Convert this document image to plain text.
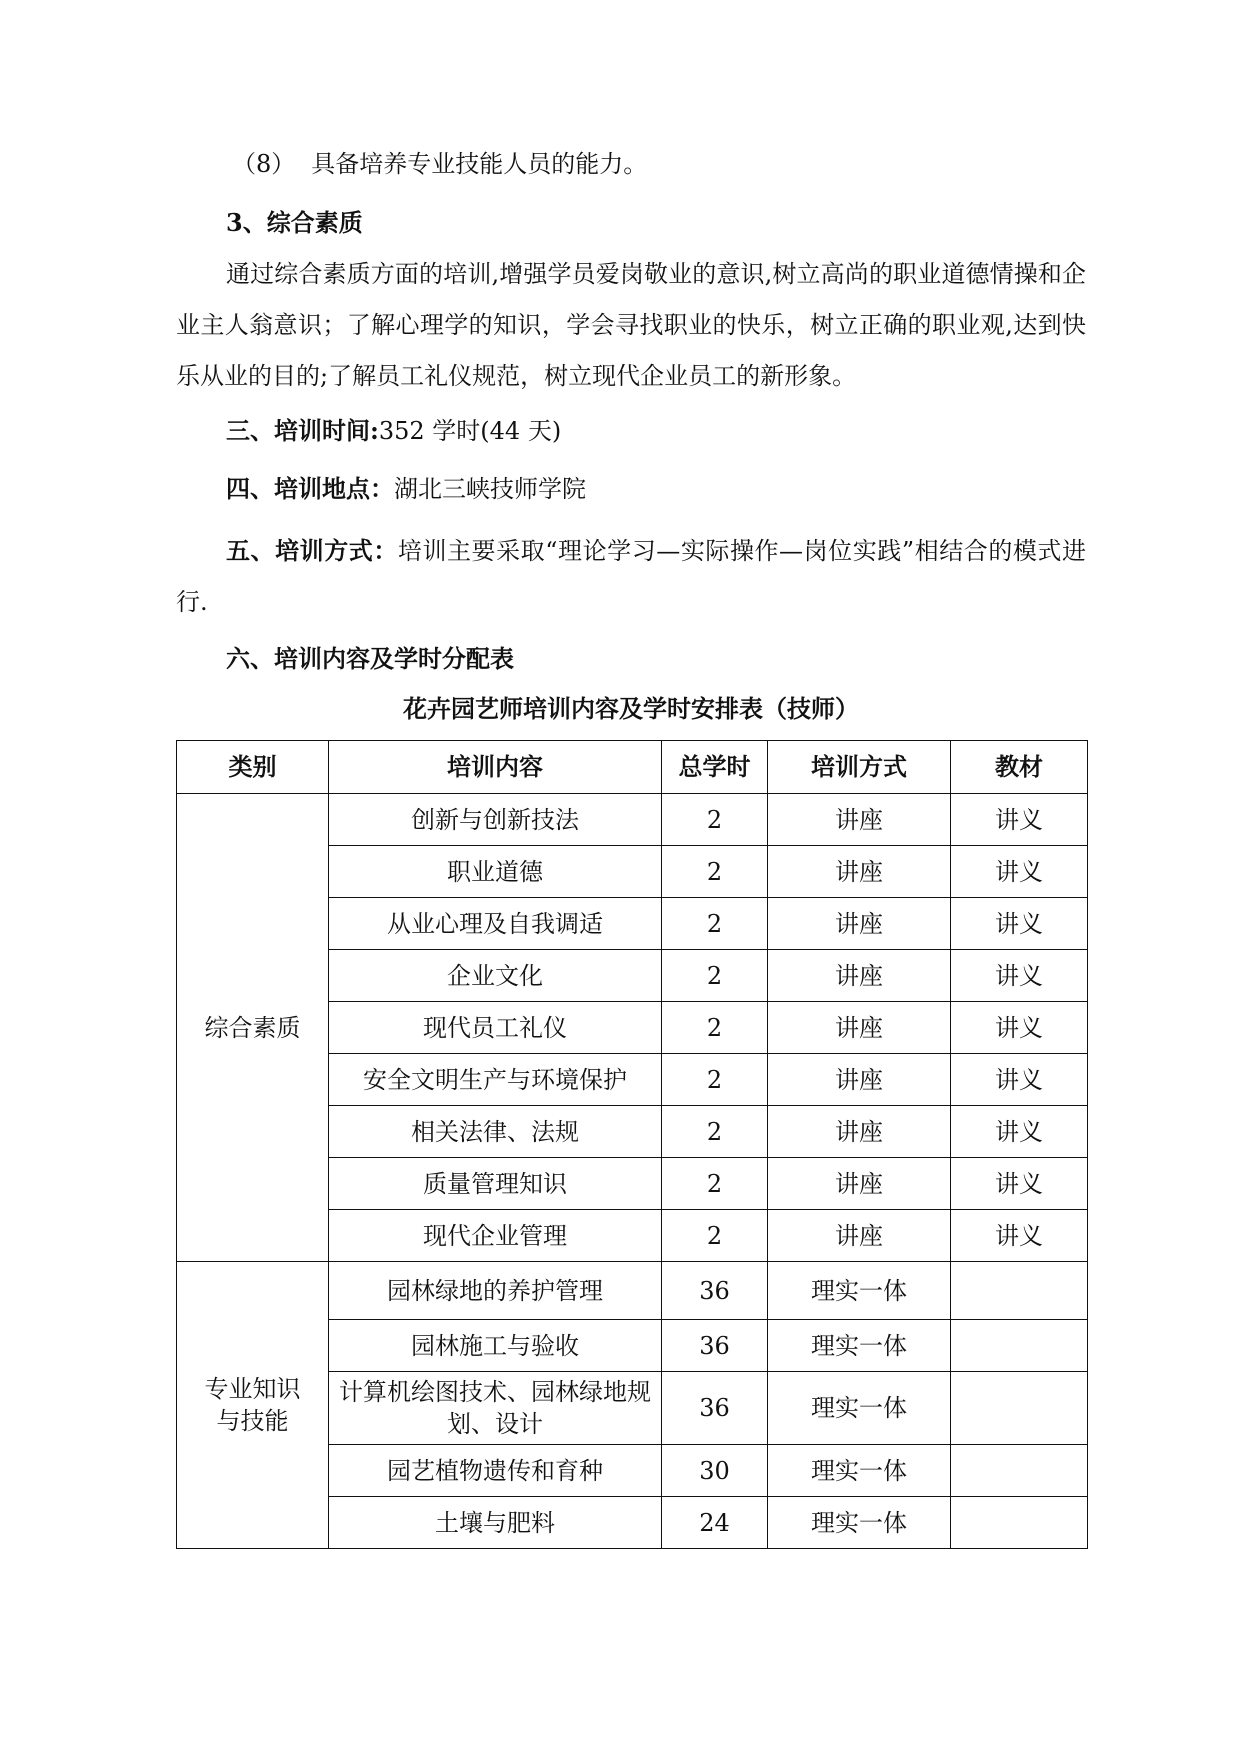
（8） 具备培养专业技能人员的能力。
3、综合素质
通过综合素质方面的培训,增强学员爱岗敬业的意识,树立高尚的职业道德情操和企业主人翁意识；了解心理学的知识，学会寻找职业的快乐，树立正确的职业观,达到快乐从业的目的;了解员工礼仪规范，树立现代企业员工的新形象。
三、培训时间:352 学时(44 天)
四、培训地点：湖北三峡技师学院
五、培训方式：培训主要采取“理论学习—实际操作—岗位实践”相结合的模式进行.
六、培训内容及学时分配表
花卉园艺师培训内容及学时安排表（技师）
类别	培训内容	总学时	培训方式	教材
综合素质	创新与创新技法	2	讲座	讲义
	职业道德	2	讲座	讲义
	从业心理及自我调适	2	讲座	讲义
	企业文化	2	讲座	讲义
	现代员工礼仪	2	讲座	讲义
	安全文明生产与环境保护	2	讲座	讲义
	相关法律、法规	2	讲座	讲义
	质量管理知识	2	讲座	讲义
	现代企业管理	2	讲座	讲义
专业知识与技能	园林绿地的养护管理	36	理实一体	
	园林施工与验收	36	理实一体	
	计算机绘图技术、园林绿地规划、设计	36	理实一体	
	园艺植物遗传和育种	30	理实一体	
	土壤与肥料	24	理实一体	
